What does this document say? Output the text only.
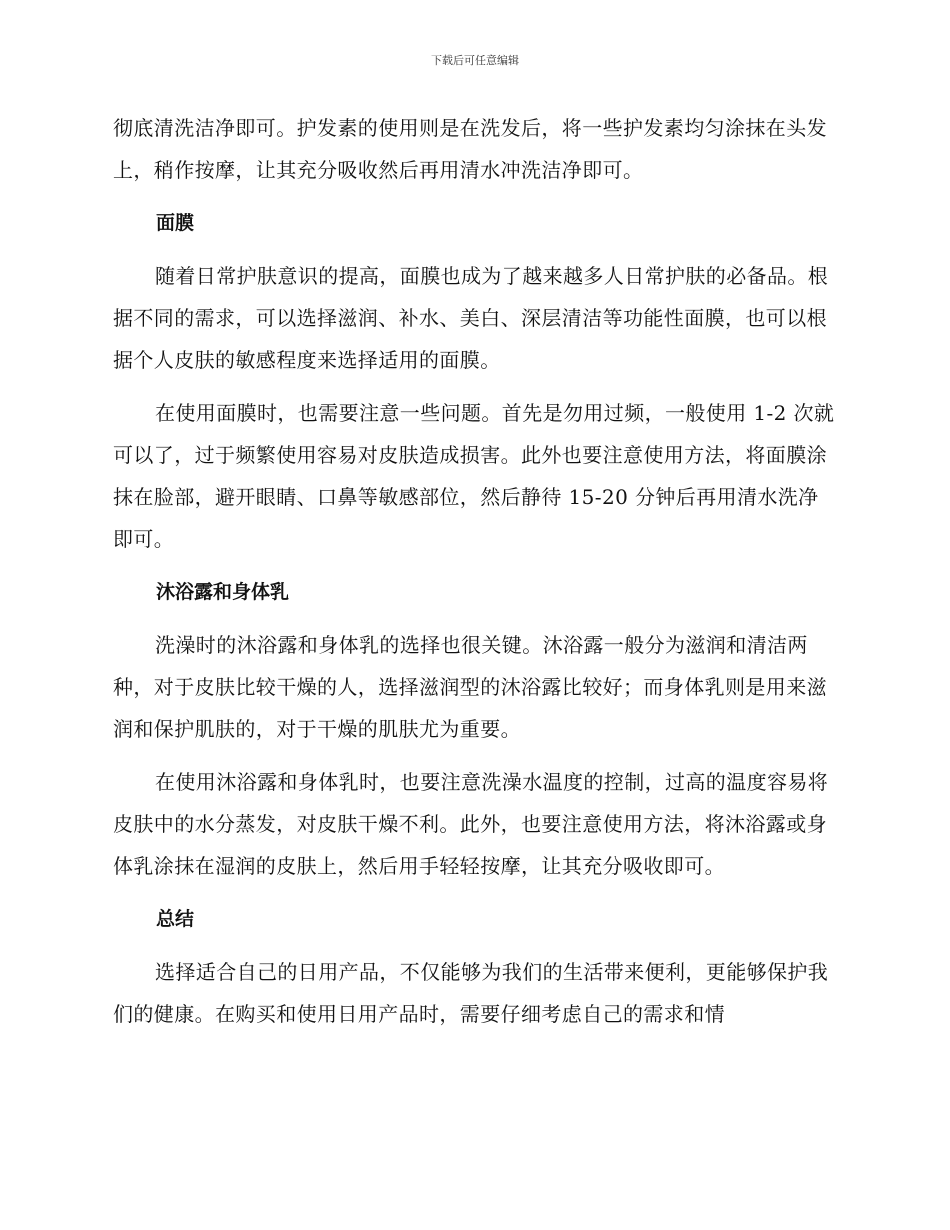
下载后可任意编辑

彻底清洗洁净即可。护发素的使用则是在洗发后，将一些护发素均匀涂抹在头发上，稍作按摩，让其充分吸收然后再用清水冲洗洁净即可。

面膜

随着日常护肤意识的提高，面膜也成为了越来越多人日常护肤的必备品。根据不同的需求，可以选择滋润、补水、美白、深层清洁等功能性面膜，也可以根据个人皮肤的敏感程度来选择适用的面膜。

在使用面膜时，也需要注意一些问题。首先是勿用过频，一般使用 1-2 次就可以了，过于频繁使用容易对皮肤造成损害。此外也要注意使用方法，将面膜涂抹在脸部，避开眼睛、口鼻等敏感部位，然后静待 15-20 分钟后再用清水洗净即可。

沐浴露和身体乳

洗澡时的沐浴露和身体乳的选择也很关键。沐浴露一般分为滋润和清洁两种，对于皮肤比较干燥的人，选择滋润型的沐浴露比较好；而身体乳则是用来滋润和保护肌肤的，对于干燥的肌肤尤为重要。

在使用沐浴露和身体乳时，也要注意洗澡水温度的控制，过高的温度容易将皮肤中的水分蒸发，对皮肤干燥不利。此外，也要注意使用方法，将沐浴露或身体乳涂抹在湿润的皮肤上，然后用手轻轻按摩，让其充分吸收即可。

总结

选择适合自己的日用产品，不仅能够为我们的生活带来便利，更能够保护我们的健康。在购买和使用日用产品时，需要仔细考虑自己的需求和情
